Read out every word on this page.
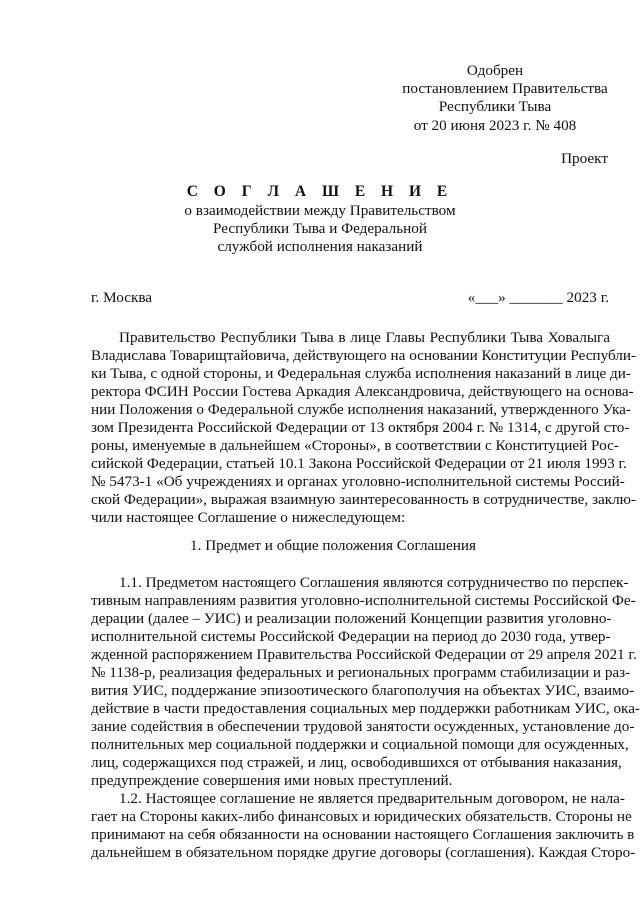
Одобрен
постановлением Правительства
Республики Тыва
от 20 июня 2023 г. № 408
Проект
С О Г Л А Ш Е Н И Е
о взаимодействии между Правительством
Республики Тыва и Федеральной
службой исполнения наказаний
г. Москва	«___» _______ 2023 г.
Правительство Республики Тыва в лице Главы Республики Тыва Ховалыга
Владислава Товарищтайовича, действующего на основании Конституции Республи-
ки Тыва, с одной стороны, и Федеральная служба исполнения наказаний в лице ди-
ректора ФСИН России Гостева Аркадия Александровича, действующего на основа-
нии Положения о Федеральной службе исполнения наказаний, утвержденного Ука-
зом Президента Российской Федерации от 13 октября 2004 г. № 1314, с другой сто-
роны, именуемые в дальнейшем «Стороны», в соответствии с Конституцией Рос-
сийской Федерации, статьей 10.1 Закона Российской Федерации от 21 июля 1993 г.
№ 5473-1 «Об учреждениях и органах уголовно-исполнительной системы Россий-
ской Федерации», выражая взаимную заинтересованность в сотрудничестве, заклю-
чили настоящее Соглашение о нижеследующем:
1. Предмет и общие положения Соглашения
1.1. Предметом настоящего Соглашения являются сотрудничество по перспек-
тивным направлениям развития уголовно-исполнительной системы Российской Фе-
дерации (далее – УИС) и реализации положений Концепции развития уголовно-
исполнительной системы Российской Федерации на период до 2030 года, утвер-
жденной распоряжением Правительства Российской Федерации от 29 апреля 2021 г.
№ 1138-р, реализация федеральных и региональных программ стабилизации и раз-
вития УИС, поддержание эпизоотического благополучия на объектах УИС, взаимо-
действие в части предоставления социальных мер поддержки работникам УИС, ока-
зание содействия в обеспечении трудовой занятости осужденных, установление до-
полнительных мер социальной поддержки и социальной помощи для осужденных,
лиц, содержащихся под стражей, и лиц, освободившихся от отбывания наказания,
предупреждение совершения ими новых преступлений.
1.2. Настоящее соглашение не является предварительным договором, не нала-
гает на Стороны каких-либо финансовых и юридических обязательств. Стороны не
принимают на себя обязанности на основании настоящего Соглашения заключить в
дальнейшем в обязательном порядке другие договоры (соглашения). Каждая Сторо-
